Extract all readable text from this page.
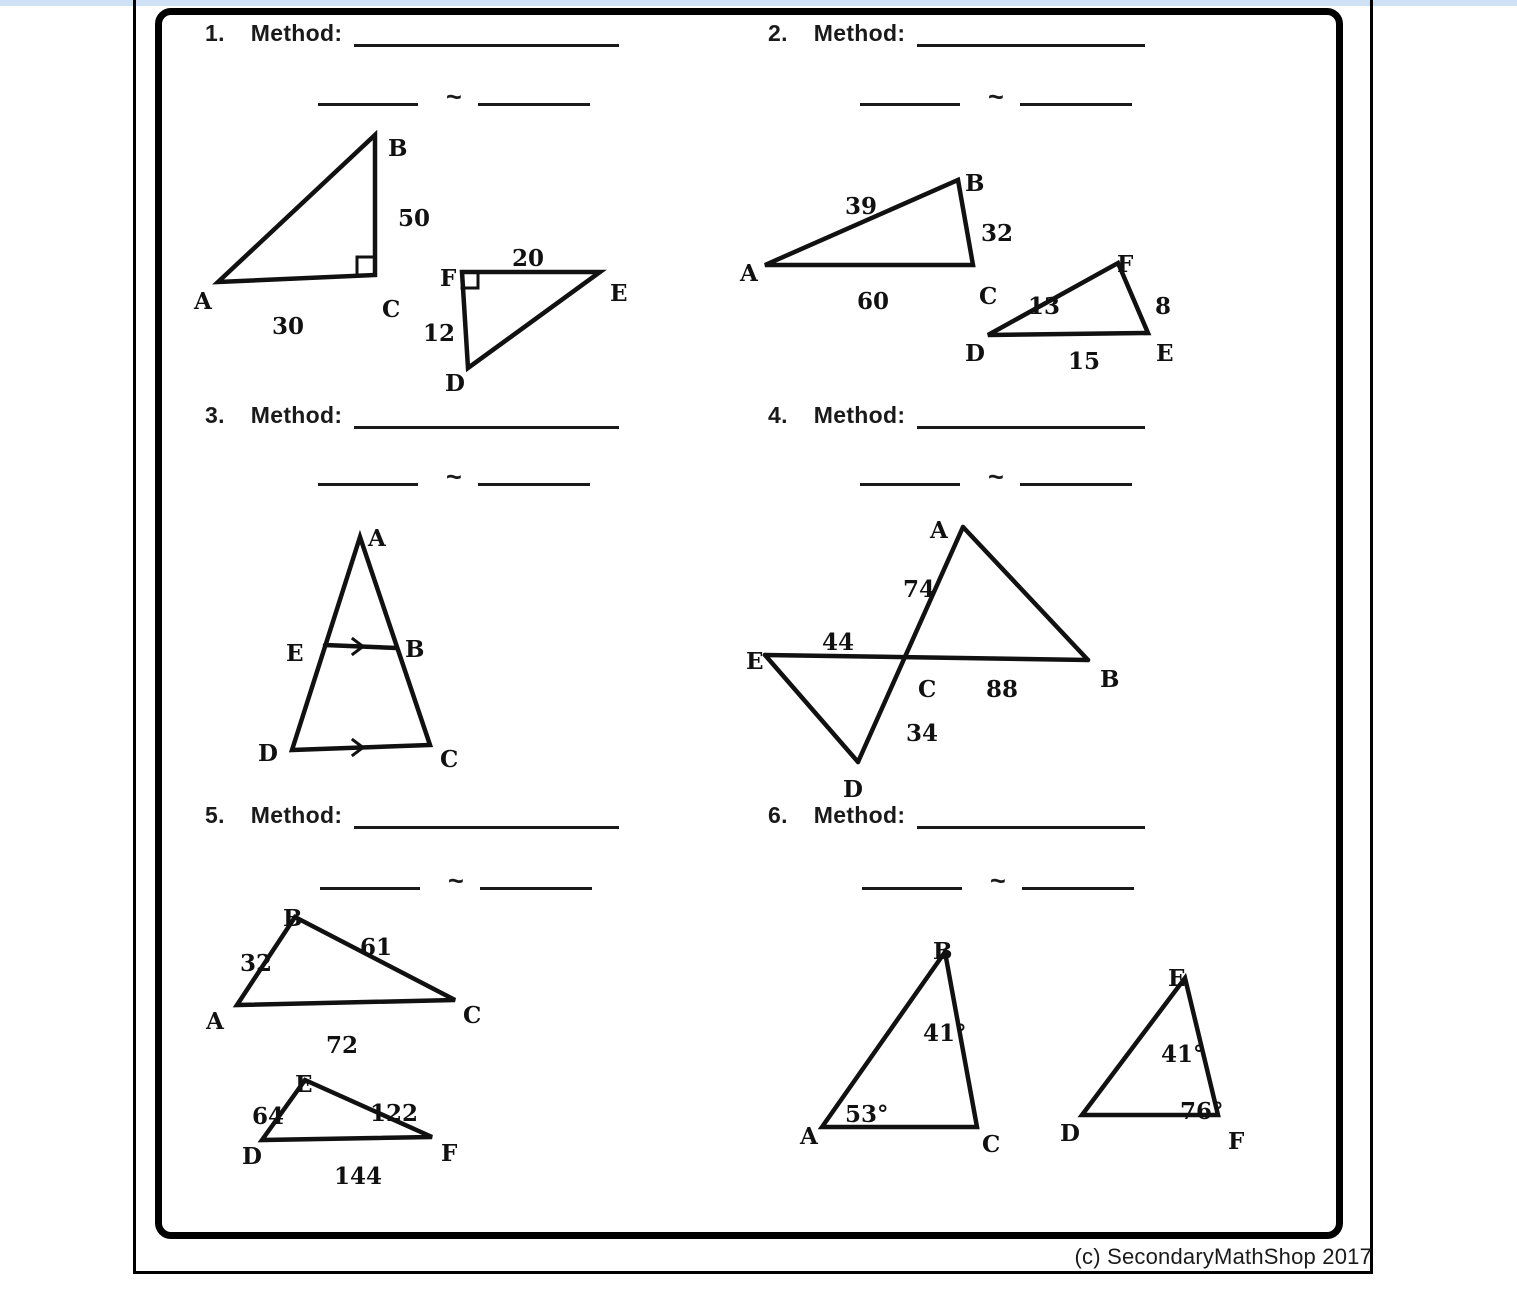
1. Method:	2. Method:
3. Method:	4. Method:
5. Method:	6. Method:
~	~
~	~
~	~
B
50
A	C
30
20
F
E
12
D
39
B
32
A
C
60
F
13	8
D	E
15
A
E	B
D	C
A
74
E
44
C 88	B
34
D
B
32
61
A	C
72
E
64	122
D	F
144
B
41°
53°
A	C
E
41°
76°
D	F
(c) SecondaryMathShop 2017
